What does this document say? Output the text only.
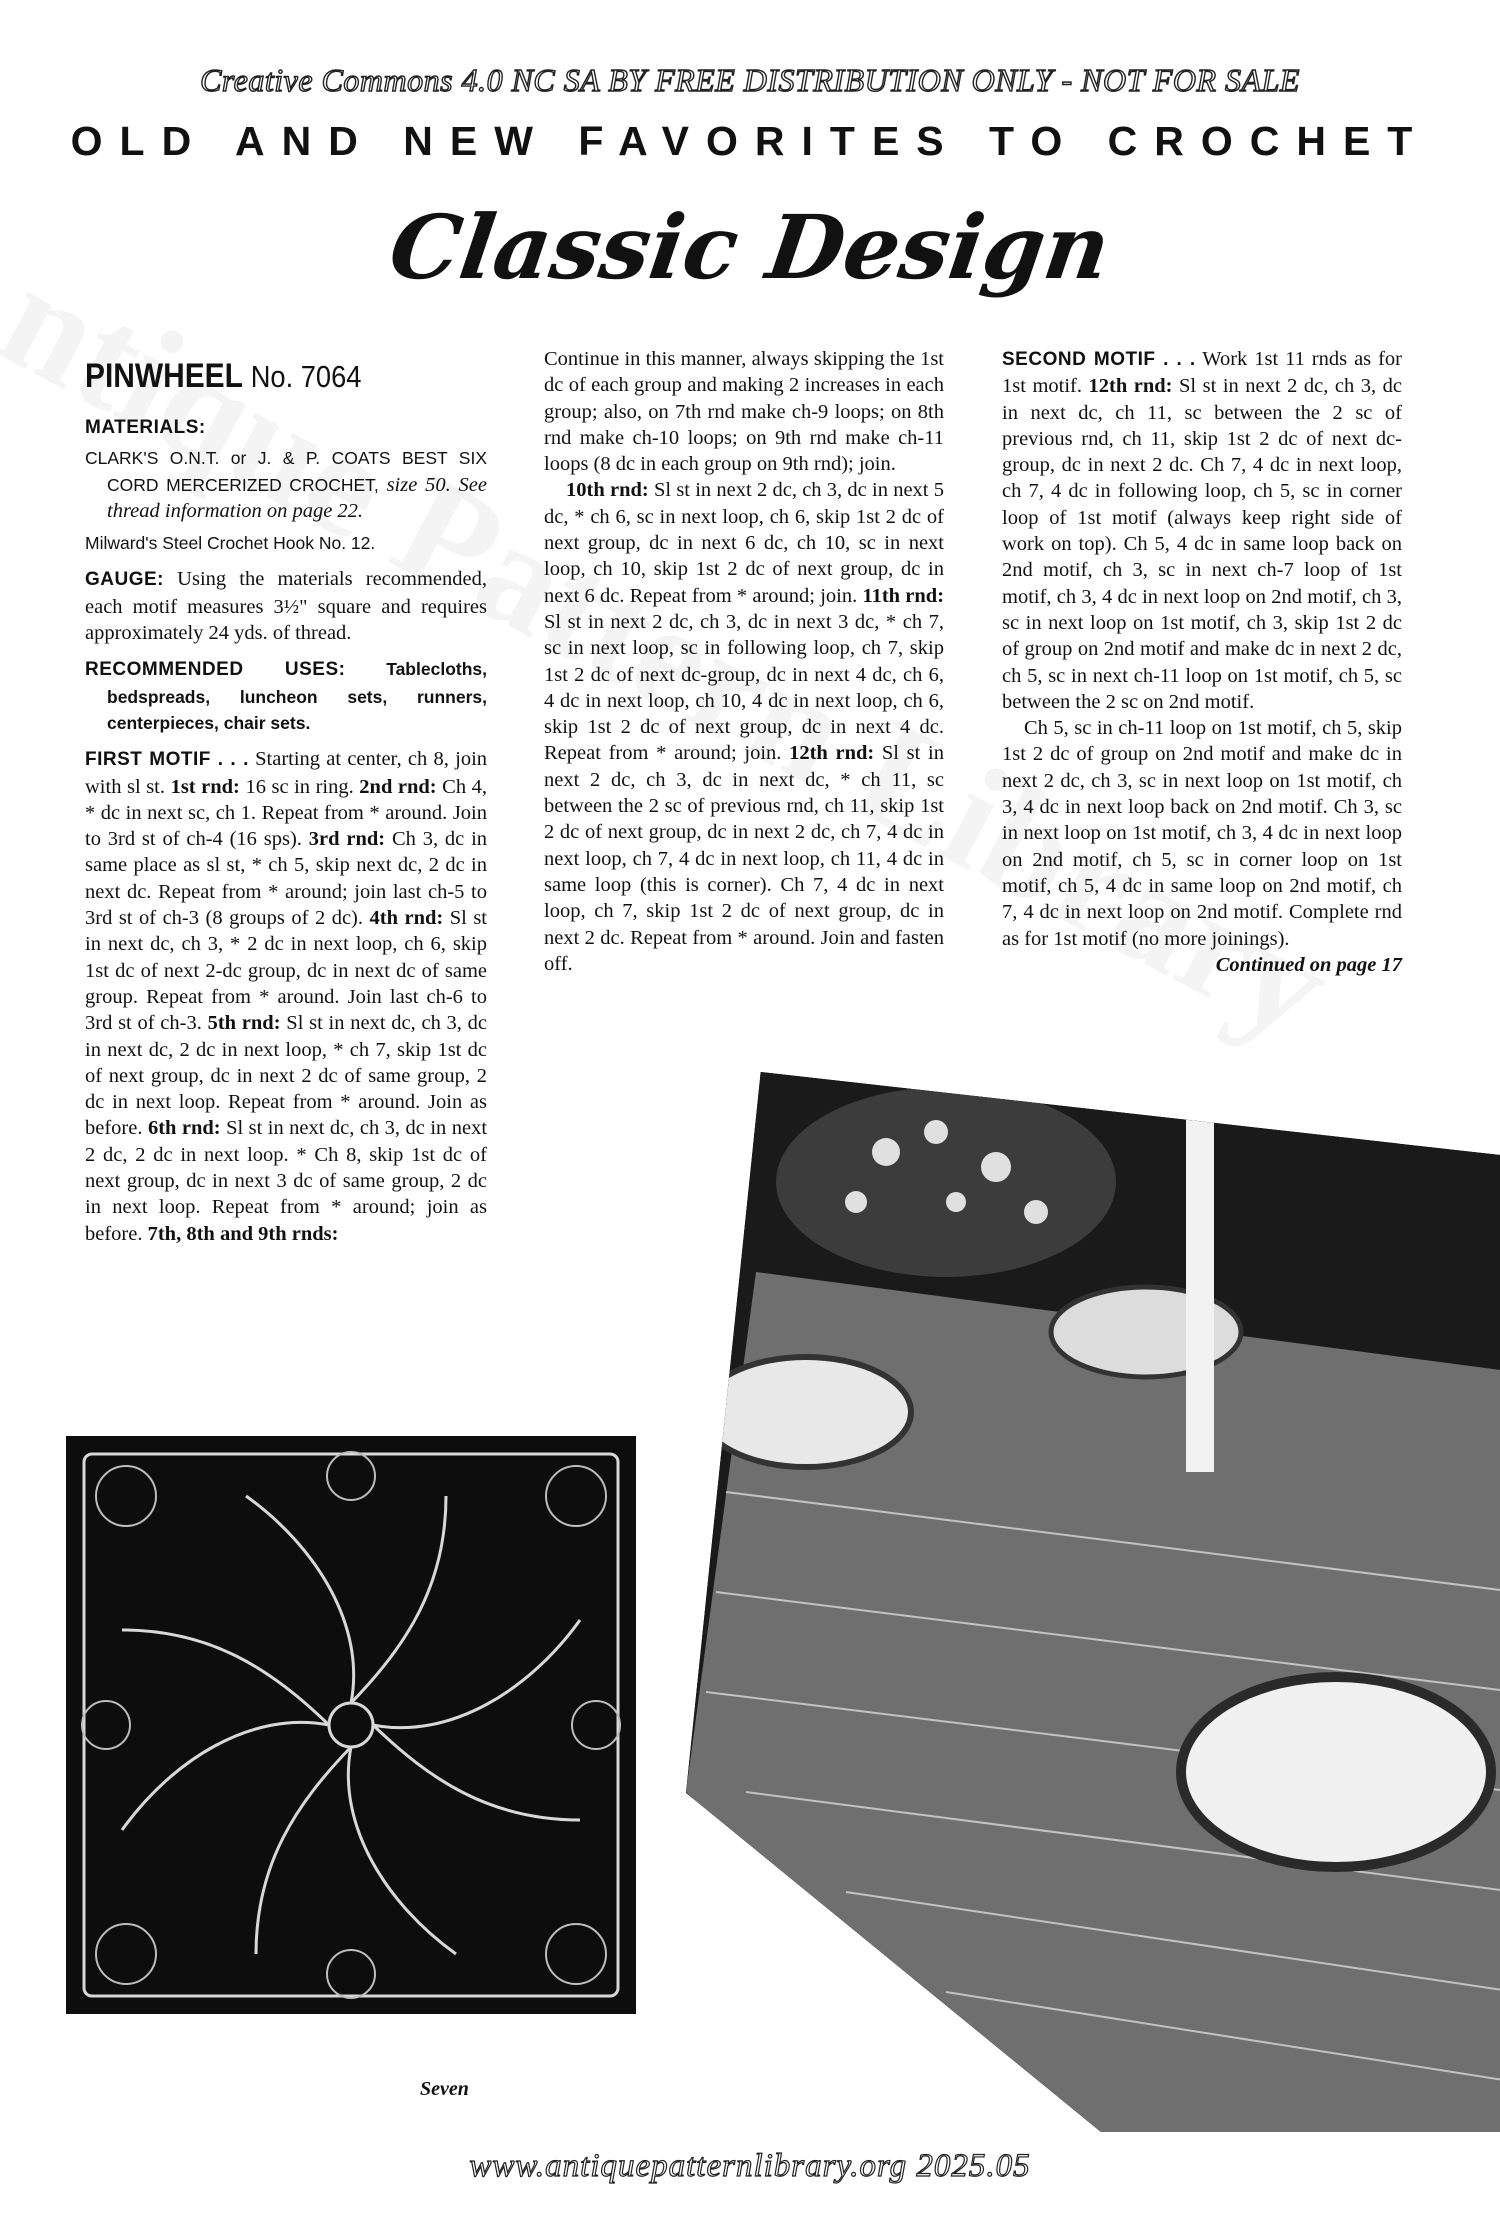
Creative Commons 4.0 NC SA BY FREE DISTRIBUTION ONLY - NOT FOR SALE
OLD AND NEW FAVORITES TO CROCHET
Classic Design
PINWHEEL No. 7064

MATERIALS:

CLARK'S O.N.T. or J. & P. COATS BEST SIX CORD MERCERIZED CROCHET, size 50. See thread information on page 22.

Milward's Steel Crochet Hook No. 12.

GAUGE: Using the materials recommended, each motif measures 3½" square and requires approximately 24 yds. of thread.

RECOMMENDED USES: Tablecloths, bedspreads, luncheon sets, runners, centerpieces, chair sets.

FIRST MOTIF . . . Starting at center, ch 8, join with sl st. 1st rnd: 16 sc in ring. 2nd rnd: Ch 4, * dc in next sc, ch 1. Repeat from * around. Join to 3rd st of ch-4 (16 sps). 3rd rnd: Ch 3, dc in same place as sl st, * ch 5, skip next dc, 2 dc in next dc. Repeat from * around; join last ch-5 to 3rd st of ch-3 (8 groups of 2 dc). 4th rnd: Sl st in next dc, ch 3, * 2 dc in next loop, ch 6, skip 1st dc of next 2-dc group, dc in next dc of same group. Repeat from * around. Join last ch-6 to 3rd st of ch-3. 5th rnd: Sl st in next dc, ch 3, dc in next dc, 2 dc in next loop, * ch 7, skip 1st dc of next group, dc in next 2 dc of same group, 2 dc in next loop. Repeat from * around. Join as before. 6th rnd: Sl st in next dc, ch 3, dc in next 2 dc, 2 dc in next loop. * Ch 8, skip 1st dc of next group, dc in next 3 dc of same group, 2 dc in next loop. Repeat from * around; join as before. 7th, 8th and 9th rnds:

Continue in this manner, always skipping the 1st dc of each group and making 2 increases in each group; also, on 7th rnd make ch-9 loops; on 8th rnd make ch-10 loops; on 9th rnd make ch-11 loops (8 dc in each group on 9th rnd); join.

10th rnd: Sl st in next 2 dc, ch 3, dc in next 5 dc, * ch 6, sc in next loop, ch 6, skip 1st 2 dc of next group, dc in next 6 dc, ch 10, sc in next loop, ch 10, skip 1st 2 dc of next group, dc in next 6 dc. Repeat from * around; join. 11th rnd: Sl st in next 2 dc, ch 3, dc in next 3 dc, * ch 7, sc in next loop, sc in following loop, ch 7, skip 1st 2 dc of next dc-group, dc in next 4 dc, ch 6, 4 dc in next loop, ch 10, 4 dc in next loop, ch 6, skip 1st 2 dc of next group, dc in next 4 dc. Repeat from * around; join. 12th rnd: Sl st in next 2 dc, ch 3, dc in next dc, * ch 11, sc between the 2 sc of previous rnd, ch 11, skip 1st 2 dc of next group, dc in next 2 dc, ch 7, 4 dc in next loop, ch 7, 4 dc in next loop, ch 11, 4 dc in same loop (this is corner). Ch 7, 4 dc in next loop, ch 7, skip 1st 2 dc of next group, dc in next 2 dc. Repeat from * around. Join and fasten off.

SECOND MOTIF . . . Work 1st 11 rnds as for 1st motif. 12th rnd: Sl st in next 2 dc, ch 3, dc in next dc, ch 11, sc between the 2 sc of previous rnd, ch 11, skip 1st 2 dc of next dc-group, dc in next 2 dc. Ch 7, 4 dc in next loop, ch 7, 4 dc in following loop, ch 5, sc in corner loop of 1st motif (always keep right side of work on top). Ch 5, 4 dc in same loop back on 2nd motif, ch 3, sc in next ch-7 loop of 1st motif, ch 3, 4 dc in next loop on 2nd motif, ch 3, sc in next loop on 1st motif, ch 3, skip 1st 2 dc of group on 2nd motif and make dc in next 2 dc, ch 5, sc in next ch-11 loop on 1st motif, ch 5, sc between the 2 sc on 2nd motif.

Ch 5, sc in ch-11 loop on 1st motif, ch 5, skip 1st 2 dc of group on 2nd motif and make dc in next 2 dc, ch 3, sc in next loop on 1st motif, ch 3, 4 dc in next loop back on 2nd motif. Ch 3, sc in next loop on 1st motif, ch 3, 4 dc in next loop on 2nd motif, ch 5, sc in corner loop on 1st motif, ch 5, 4 dc in same loop on 2nd motif, ch 7, 4 dc in next loop on 2nd motif. Complete rnd as for 1st motif (no more joinings).

Continued on page 17

Seven
www.antiquepatternlibrary.org 2025.05
